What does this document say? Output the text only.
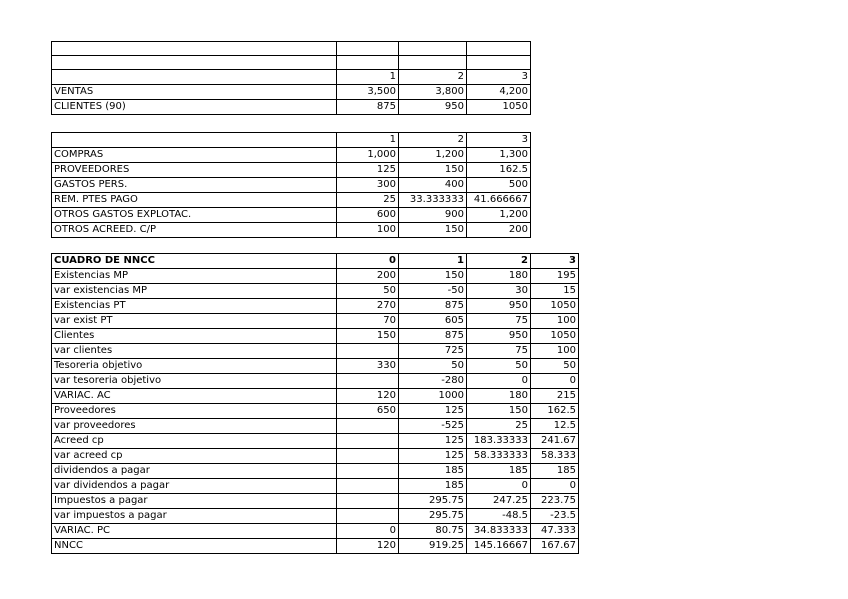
	1	2	3
VENTAS	3,500	3,800	4,200
CLIENTES (90)	875	950	1050
	1	2	3
COMPRAS	1,000	1,200	1,300
PROVEEDORES	125	150	162.5
GASTOS PERS.	300	400	500
REM. PTES PAGO	25	33.333333	41.666667
OTROS GASTOS EXPLOTAC.	600	900	1,200
OTROS ACREED. C/P	100	150	200
CUADRO DE NNCC	0	1	2	3
Existencias MP	200	150	180	195
var existencias MP	50	-50	30	15
Existencias PT	270	875	950	1050
var exist PT	70	605	75	100
Clientes	150	875	950	1050
var clientes		725	75	100
Tesoreria objetivo	330	50	50	50
var tesoreria objetivo		-280	0	0
VARIAC. AC	120	1000	180	215
Proveedores	650	125	150	162.5
var proveedores		-525	25	12.5
Acreed cp		125	183.33333	241.67
var acreed cp		125	58.333333	58.333
dividendos a pagar		185	185	185
var dividendos a pagar		185	0	0
Impuestos a pagar		295.75	247.25	223.75
var impuestos a pagar		295.75	-48.5	-23.5
VARIAC. PC	0	80.75	34.833333	47.333
NNCC	120	919.25	145.16667	167.67
